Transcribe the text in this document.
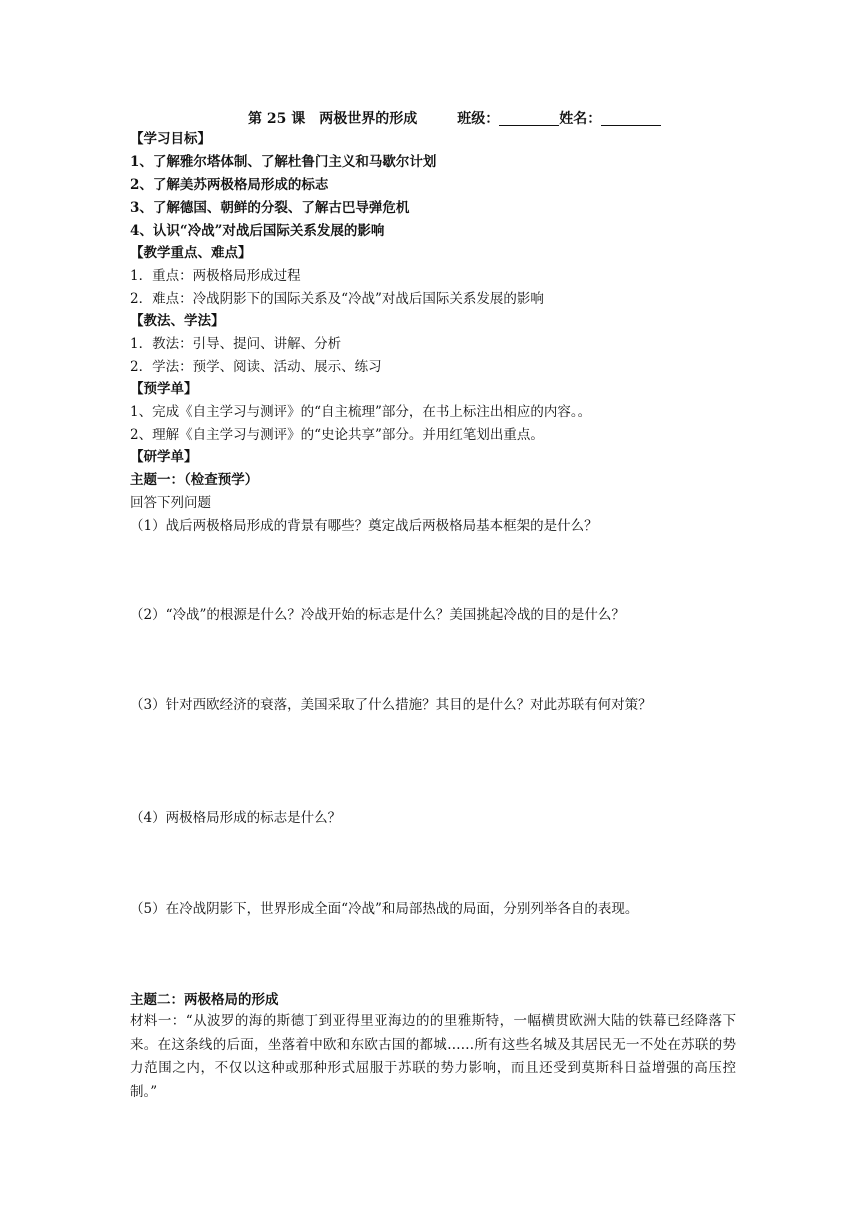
第 25 课　两极世界的形成	班级：	姓名：
【学习目标】
1、了解雅尔塔体制、了解杜鲁门主义和马歇尔计划
2、了解美苏两极格局形成的标志
3、了解德国、朝鲜的分裂、了解古巴导弹危机
4、认识“冷战”对战后国际关系发展的影响
【教学重点、难点】
1．重点：两极格局形成过程
2．难点：冷战阴影下的国际关系及“冷战”对战后国际关系发展的影响
【教法、学法】
1．教法：引导、提问、讲解、分析
2．学法：预学、阅读、活动、展示、练习
【预学单】
1、完成《自主学习与测评》的“自主梳理”部分，在书上标注出相应的内容。。
2、理解《自主学习与测评》的“史论共享”部分。并用红笔划出重点。
【研学单】
主题一：（检查预学）
回答下列问题
（1）战后两极格局形成的背景有哪些？奠定战后两极格局基本框架的是什么？
（2）“冷战”的根源是什么？冷战开始的标志是什么？美国挑起冷战的目的是什么？
（3）针对西欧经济的衰落，美国采取了什么措施？其目的是什么？对此苏联有何对策？
（4）两极格局形成的标志是什么？
（5）在冷战阴影下，世界形成全面“冷战”和局部热战的局面，分别列举各自的表现。
主题二：两极格局的形成
材料一：“从波罗的海的斯德丁到亚得里亚海边的的里雅斯特，一幅横贯欧洲大陆的铁幕已经降落下来。在这条线的后面，坐落着中欧和东欧古国的都城……所有这些名城及其居民无一不处在苏联的势力范围之内，不仅以这种或那种形式屈服于苏联的势力影响，而且还受到莫斯科日益增强的高压控制。”
